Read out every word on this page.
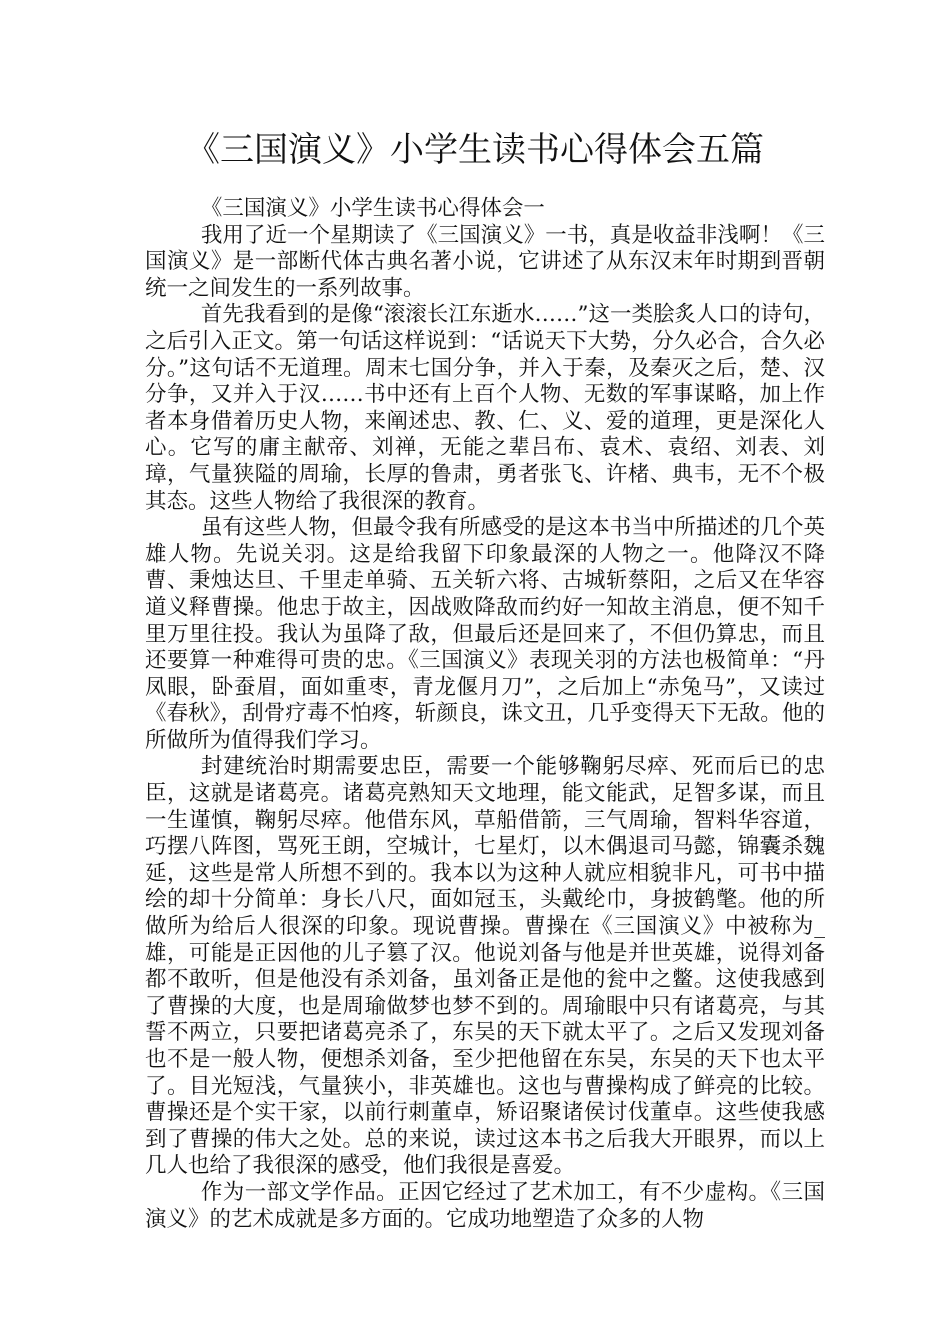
《三国演义》小学生读书心得体会五篇

《三国演义》小学生读书心得体会一

我用了近一个星期读了《三国演义》一书，真是收益非浅啊！《三国演义》是一部断代体古典名著小说，它讲述了从东汉末年时期到晋朝统一之间发生的一系列故事。

首先我看到的是像“滚滚长江东逝水……”这一类脍炙人口的诗句，之后引入正文。第一句话这样说到：“话说天下大势，分久必合，合久必分。”这句话不无道理。周末七国分争，并入于秦，及秦灭之后，楚、汉分争，又并入于汉……书中还有上百个人物、无数的军事谋略，加上作者本身借着历史人物，来阐述忠、教、仁、义、爱的道理，更是深化人心。它写的庸主献帝、刘禅，无能之辈吕布、袁术、袁绍、刘表、刘璋，气量狭隘的周瑜，长厚的鲁肃，勇者张飞、许楮、典韦，无不个极其态。这些人物给了我很深的教育。

虽有这些人物，但最令我有所感受的是这本书当中所描述的几个英雄人物。先说关羽。这是给我留下印象最深的人物之一。他降汉不降曹、秉烛达旦、千里走单骑、五关斩六将、古城斩蔡阳，之后又在华容道义释曹操。他忠于故主，因战败降敌而约好一知故主消息，便不知千里万里往投。我认为虽降了敌，但最后还是回来了，不但仍算忠，而且还要算一种难得可贵的忠。《三国演义》表现关羽的方法也极简单：“丹凤眼，卧蚕眉，面如重枣，青龙偃月刀”，之后加上“赤兔马”，又读过《春秋》，刮骨疗毒不怕疼，斩颜良，诛文丑，几乎变得天下无敌。他的所做所为值得我们学习。

封建统治时期需要忠臣，需要一个能够鞠躬尽瘁、死而后已的忠臣，这就是诸葛亮。诸葛亮熟知天文地理，能文能武，足智多谋，而且一生谨慎，鞠躬尽瘁。他借东风，草船借箭，三气周瑜，智料华容道，巧摆八阵图，骂死王朗，空城计，七星灯，以木偶退司马懿，锦囊杀魏延，这些是常人所想不到的。我本以为这种人就应相貌非凡，可书中描绘的却十分简单：身长八尺，面如冠玉，头戴纶巾，身披鹤氅。他的所做所为给后人很深的印象。现说曹操。曹操在《三国演义》中被称为_雄，可能是正因他的儿子篡了汉。他说刘备与他是并世英雄，说得刘备都不敢听，但是他没有杀刘备，虽刘备正是他的瓮中之鳖。这使我感到了曹操的大度，也是周瑜做梦也梦不到的。周瑜眼中只有诸葛亮，与其誓不两立，只要把诸葛亮杀了，东吴的天下就太平了。之后又发现刘备也不是一般人物，便想杀刘备，至少把他留在东吴，东吴的天下也太平了。目光短浅，气量狭小，非英雄也。这也与曹操构成了鲜亮的比较。曹操还是个实干家，以前行刺董卓，矫诏聚诸侯讨伐董卓。这些使我感到了曹操的伟大之处。总的来说，读过这本书之后我大开眼界，而以上几人也给了我很深的感受，他们我很是喜爱。

作为一部文学作品。正因它经过了艺术加工，有不少虚构。《三国演义》的艺术成就是多方面的。它成功地塑造了众多的人物
